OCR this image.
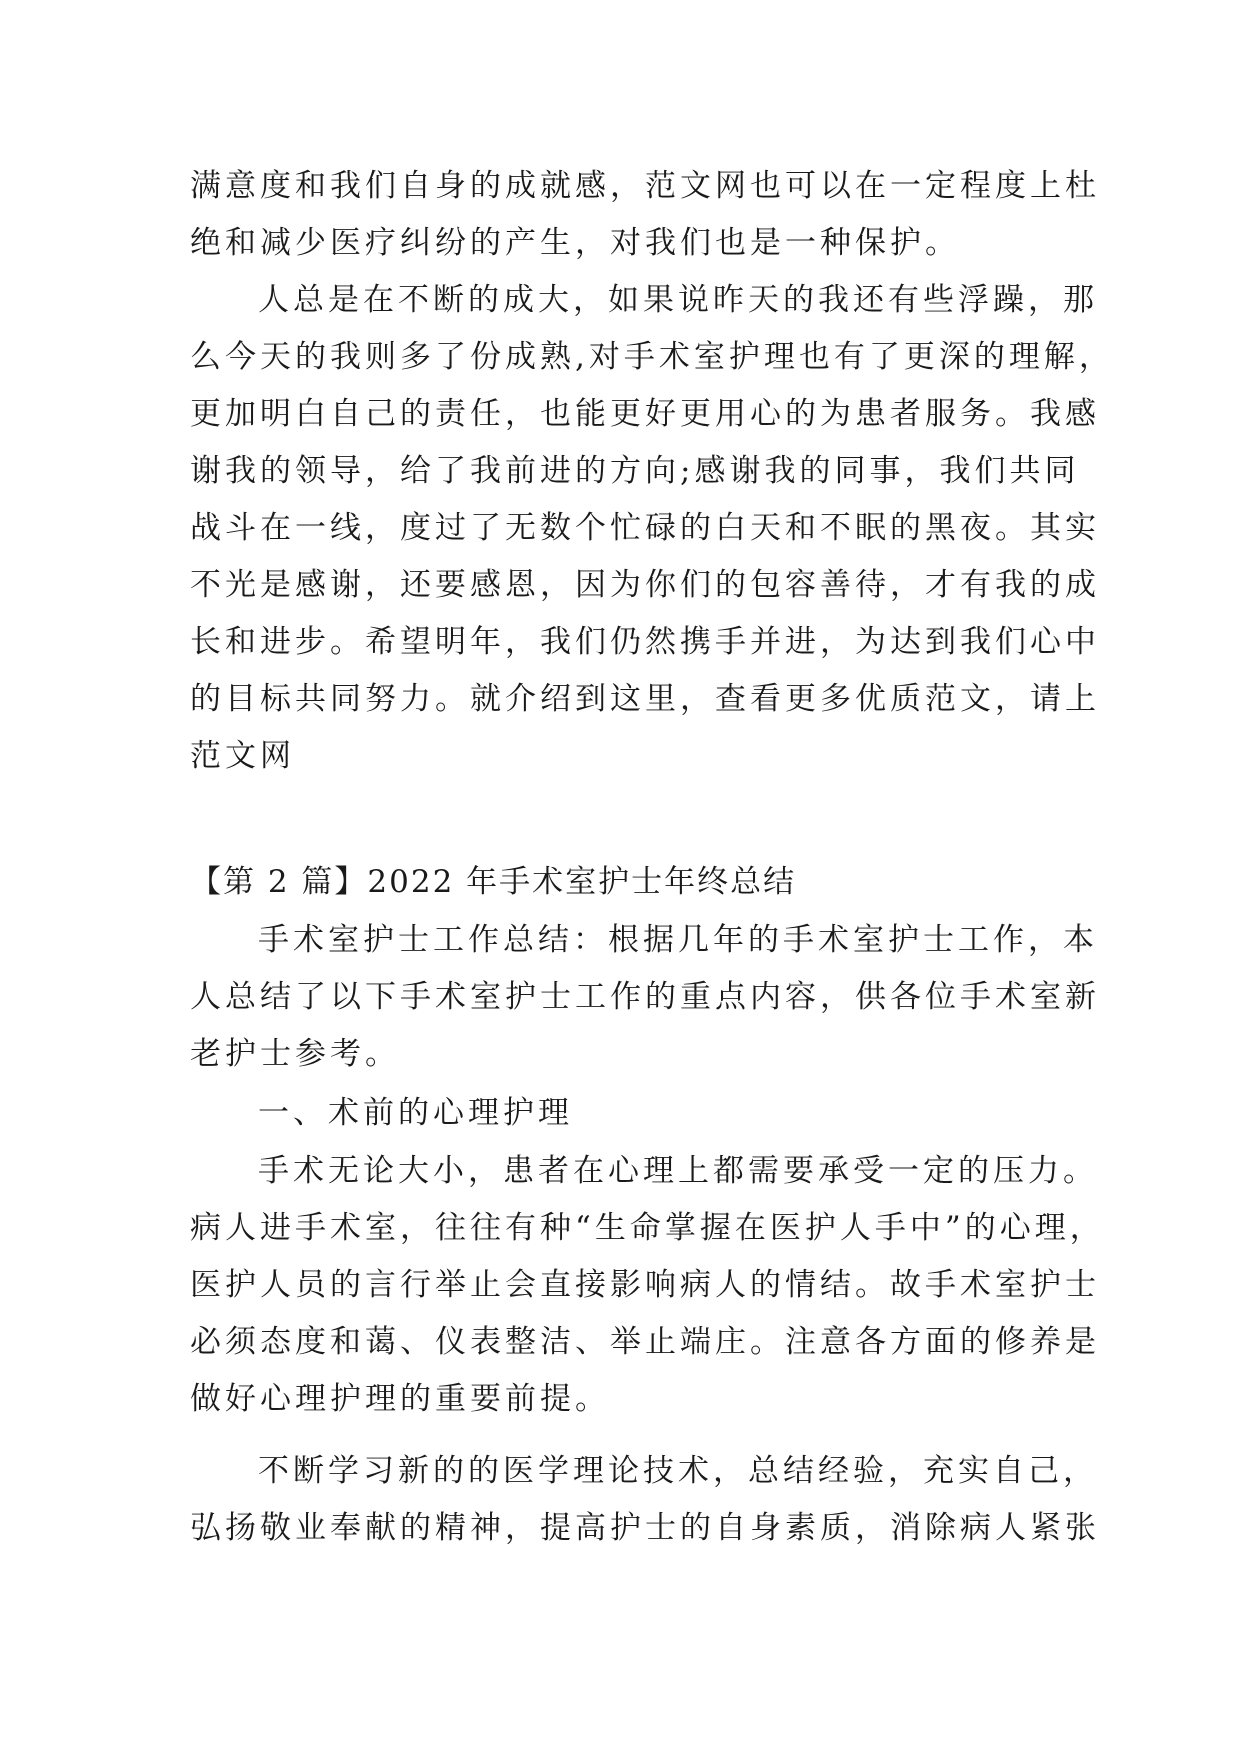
满意度和我们自身的成就感，范文网也可以在一定程度上杜
绝和减少医疗纠纷的产生，对我们也是一种保护。
人总是在不断的成大，如果说昨天的我还有些浮躁，那
么今天的我则多了份成熟,对手术室护理也有了更深的理解，
更加明白自己的责任，也能更好更用心的为患者服务。我感
谢我的领导，给了我前进的方向;感谢我的同事，我们共同
战斗在一线，度过了无数个忙碌的白天和不眠的黑夜。其实
不光是感谢，还要感恩，因为你们的包容善待，才有我的成
长和进步。希望明年，我们仍然携手并进，为达到我们心中
的目标共同努力。就介绍到这里，查看更多优质范文，请上
范文网
【第 2 篇】2022 年手术室护士年终总结
手术室护士工作总结：根据几年的手术室护士工作，本
人总结了以下手术室护士工作的重点内容，供各位手术室新
老护士参考。
一、术前的心理护理
手术无论大小，患者在心理上都需要承受一定的压力。
病人进手术室，往往有种“生命掌握在医护人手中”的心理，
医护人员的言行举止会直接影响病人的情结。故手术室护士
必须态度和蔼、仪表整洁、举止端庄。注意各方面的修养是
做好心理护理的重要前提。
不断学习新的的医学理论技术，总结经验，充实自己，
弘扬敬业奉献的精神，提高护士的自身素质，消除病人紧张
